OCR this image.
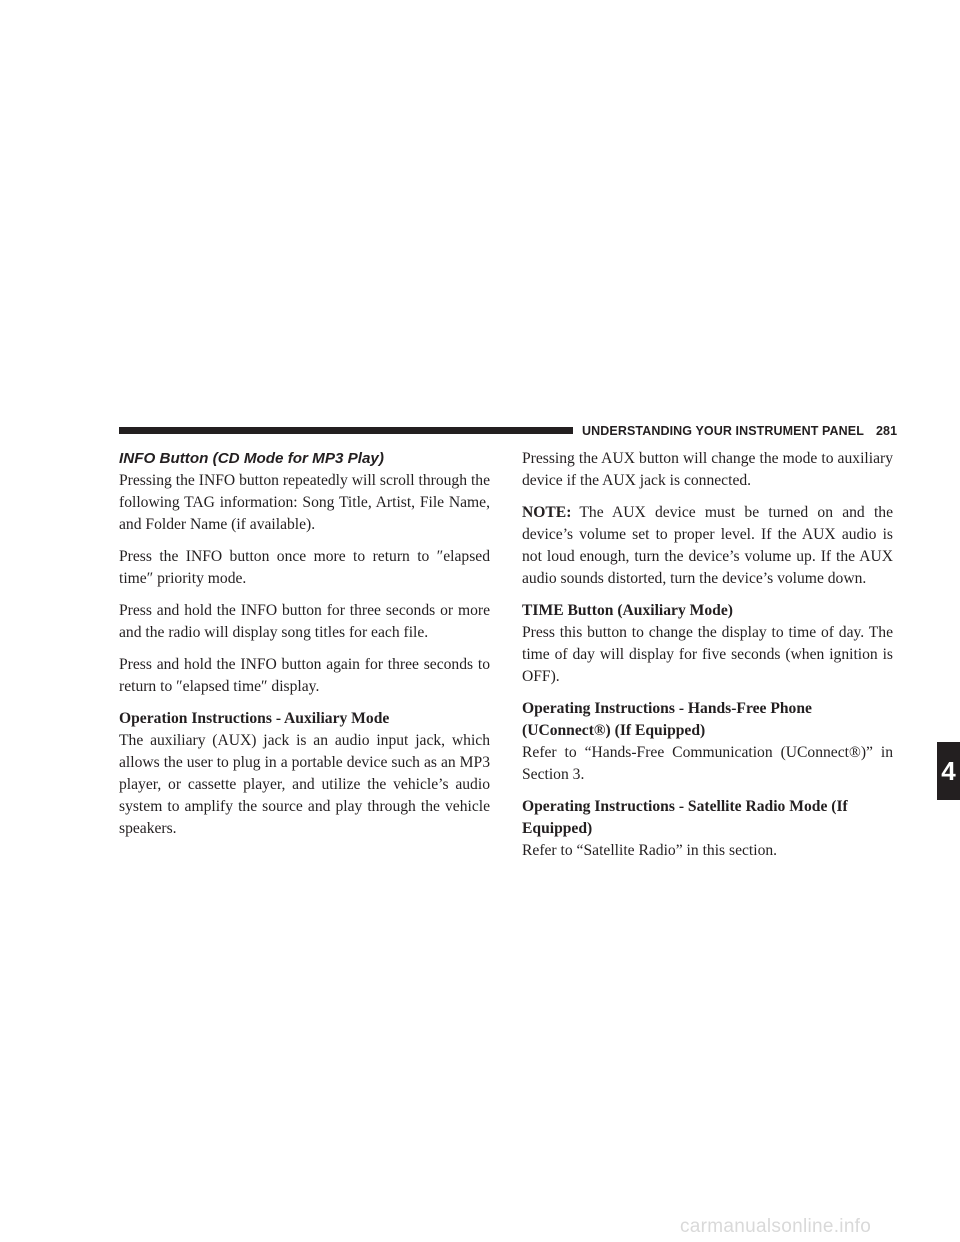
UNDERSTANDING YOUR INSTRUMENT PANEL 281
INFO Button (CD Mode for MP3 Play)

Pressing the INFO button repeatedly will scroll through the following TAG information: Song Title, Artist, File Name, and Folder Name (if available).

Press the INFO button once more to return to ″elapsed time″ priority mode.

Press and hold the INFO button for three seconds or more and the radio will display song titles for each file.

Press and hold the INFO button again for three seconds to return to ″elapsed time″ display.

Operation Instructions - Auxiliary Mode

The auxiliary (AUX) jack is an audio input jack, which allows the user to plug in a portable device such as an MP3 player, or cassette player, and utilize the vehicle’s audio system to amplify the source and play through the vehicle speakers.

Pressing the AUX button will change the mode to auxiliary device if the AUX jack is connected.

NOTE: The AUX device must be turned on and the device’s volume set to proper level. If the AUX audio is not loud enough, turn the device’s volume up. If the AUX audio sounds distorted, turn the device’s volume down.

TIME Button (Auxiliary Mode)

Press this button to change the display to time of day. The time of day will display for five seconds (when ignition is OFF).

Operating Instructions - Hands-Free Phone (UConnect®) (If Equipped)

Refer to “Hands-Free Communication (UConnect®)” in Section 3.

Operating Instructions - Satellite Radio Mode (If Equipped)

Refer to “Satellite Radio” in this section.

4
carmanualsonline.info
